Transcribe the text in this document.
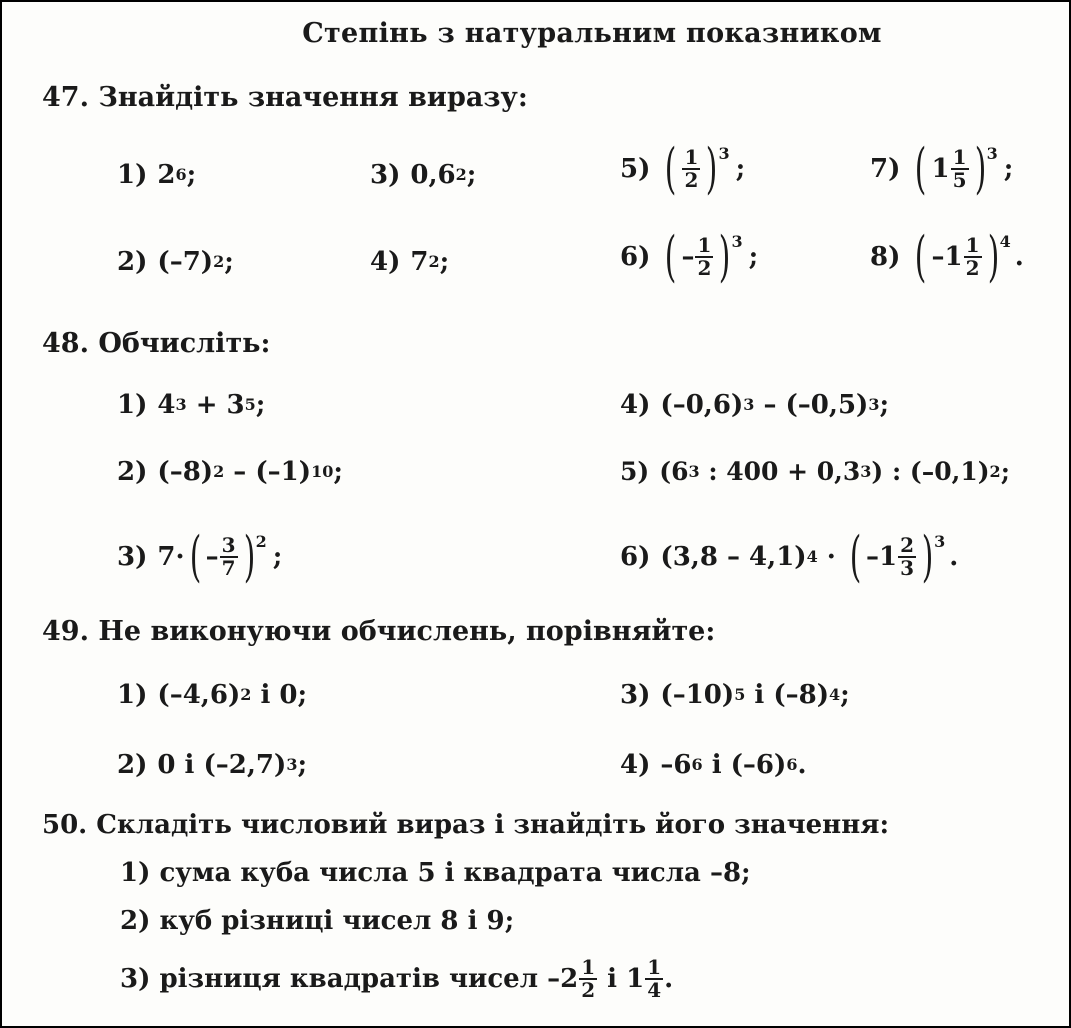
Степінь з натуральним показником
47. Знайдіть значення виразу:
1) 2 6 ;
2) (–7) 2 ;
3) 0,6 2 ;
4) 7 2 ;
5) ( $\frac{1}{2}$ ) 3
;
6) ( – $\frac{1}{2}$ ) 3
;
7) ( $1 \frac{1}{5}$ ) 3
;
8) ( $-1 \frac{1}{2}$ ) 4
.
48. Обчисліть:
1) 4 3 + 3 5 ;
2) (–8) 2 – (–1) 10 ;
3) 7· ( – $\frac{3}{7}$ ) 2
;
4) (–0,6) 3 – (–0,5) 3 ;
5) (6 3 : 400 + 0,3 3 ) : (–0,1) 2 ;
6) (3,8 – 4,1) 4 · ( $-1 \frac{2}{3}$ ) 3
.
49. Не виконуючи обчислень, порівняйте:
1) (–4,6) 2 і 0;
2) 0 і (–2,7) 3 ;
3) (–10) 5 і (–8) 4 ;
4) –6 6 і (–6) 6 .
50. Складіть числовий вираз і знайдіть його значення:
1) сума куба числа 5 і квадрата числа –8;
2) куб різниці чисел 8 і 9;
3) різниця квадратів чисел $-2 \frac{1}{2}$ і $1 \frac{1}{4}$ .
